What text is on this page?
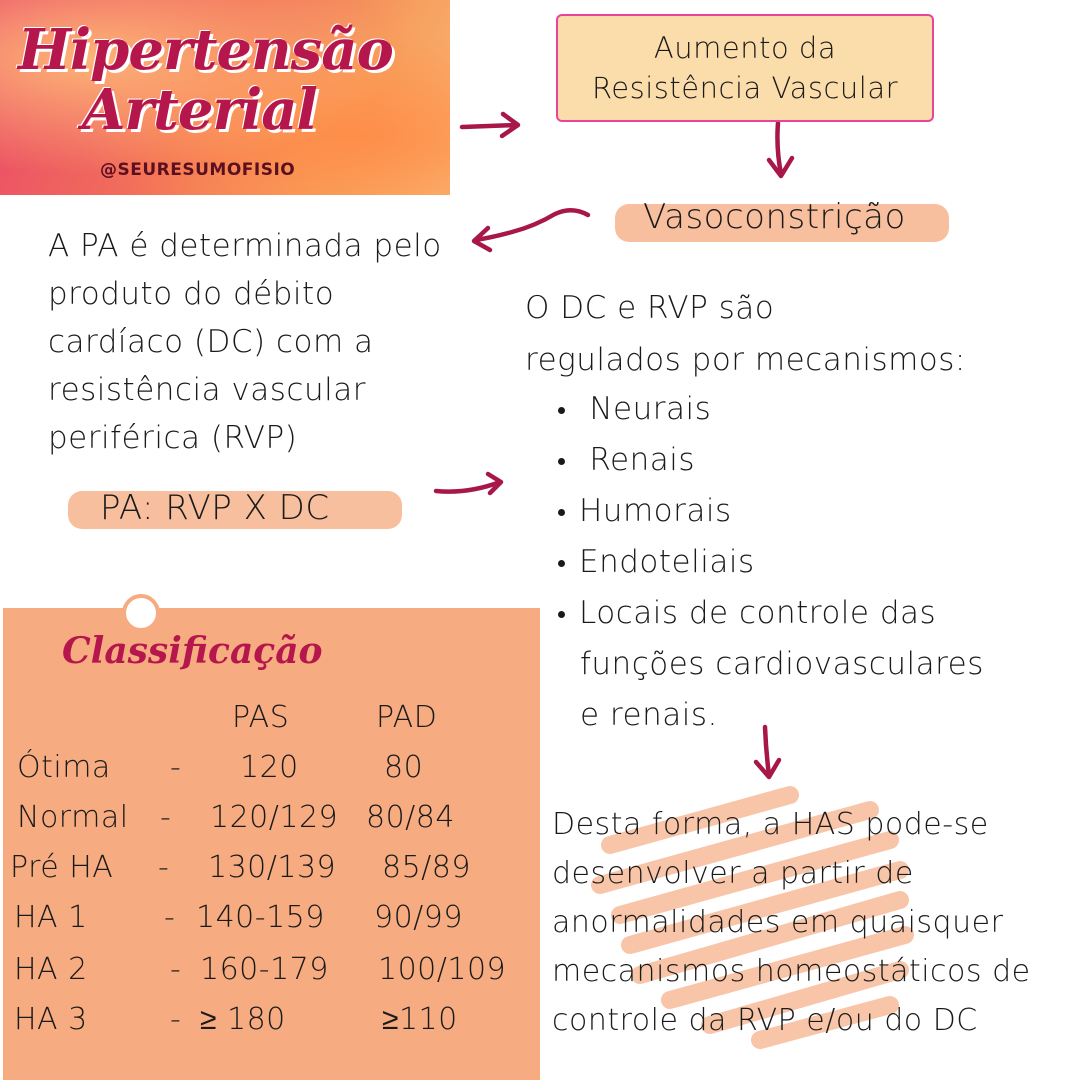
Hipertensão
Arterial
@SEURESUMOFISIO
Aumento da
Resistência Vascular
Vasoconstrição
A PA é determinada pelo
produto do débito
cardíaco (DC) com a
resistência vascular
periférica (RVP)
PA: RVP X DC
O DC e RVP são
regulados por mecanismos:
Neurais
Renais
Humorais
Endoteliais
Locais de controle das
funções cardiovasculares
e renais.
Classificação
PAS	PAD
Ótima - 120	80
Normal - 120/129 80/84
Pré HA - 130/139 85/89
HA 1	- 140-159 90/99
HA 2	- 160-179 100/109
HA 3	- ≥ 180	≥110
Desta forma, a HAS pode-se
desenvolver a partir de
anormalidades em quaisquer
mecanismos homeostáticos de
controle da RVP e/ou do DC
